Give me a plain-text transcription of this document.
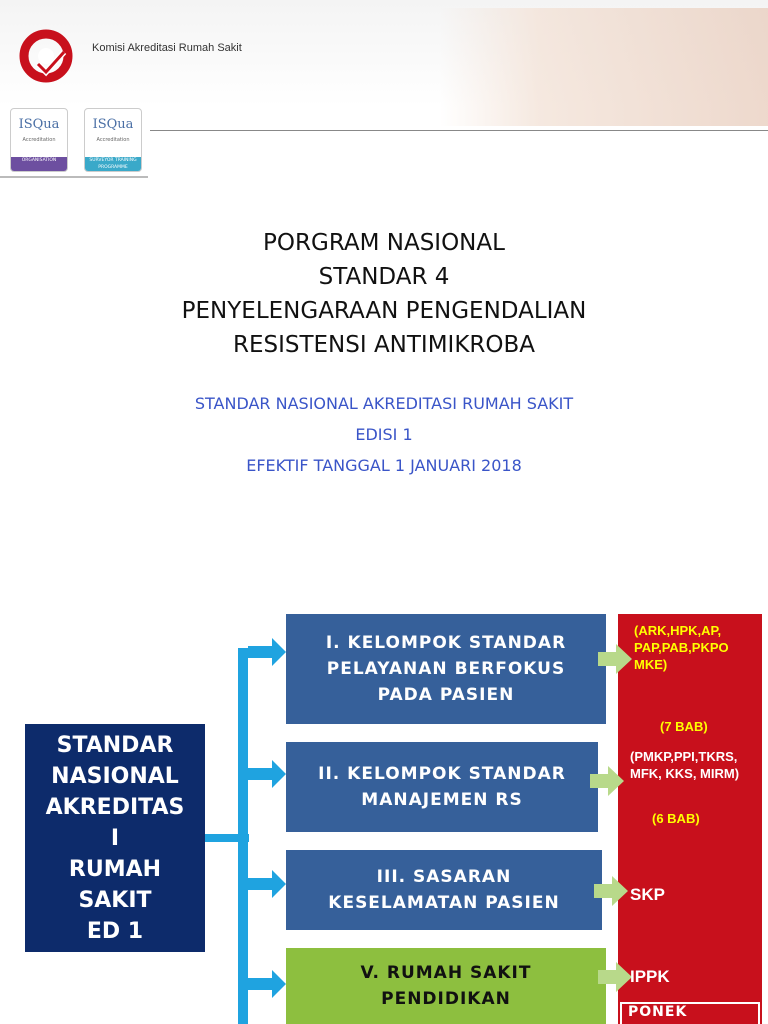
Komisi Akreditasi Rumah Sakit
ISQua
Accreditation
ORGANISATION
ISQua
Accreditation
SURVEYOR TRAINING PROGRAMME
PORGRAM NASIONAL
STANDAR 4
PENYELENGARAAN PENGENDALIAN
RESISTENSI ANTIMIKROBA
STANDAR NASIONAL AKREDITASI RUMAH SAKIT
EDISI 1
EFEKTIF TANGGAL 1 JANUARI 2018
STANDAR
NASIONAL
AKREDITAS
I
RUMAH
SAKIT
ED 1
I. KELOMPOK STANDAR
PELAYANAN BERFOKUS
PADA PASIEN
II. KELOMPOK STANDAR
MANAJEMEN RS
III. SASARAN
KESELAMATAN PASIEN
V. RUMAH SAKIT
PENDIDIKAN
(ARK,HPK,AP,
PAP,PAB,PKPO
MKE)
(7 BAB)
(PMKP,PPI,TKRS,
MFK, KKS, MIRM)
(6 BAB)
SKP
IPPK
PONEK
